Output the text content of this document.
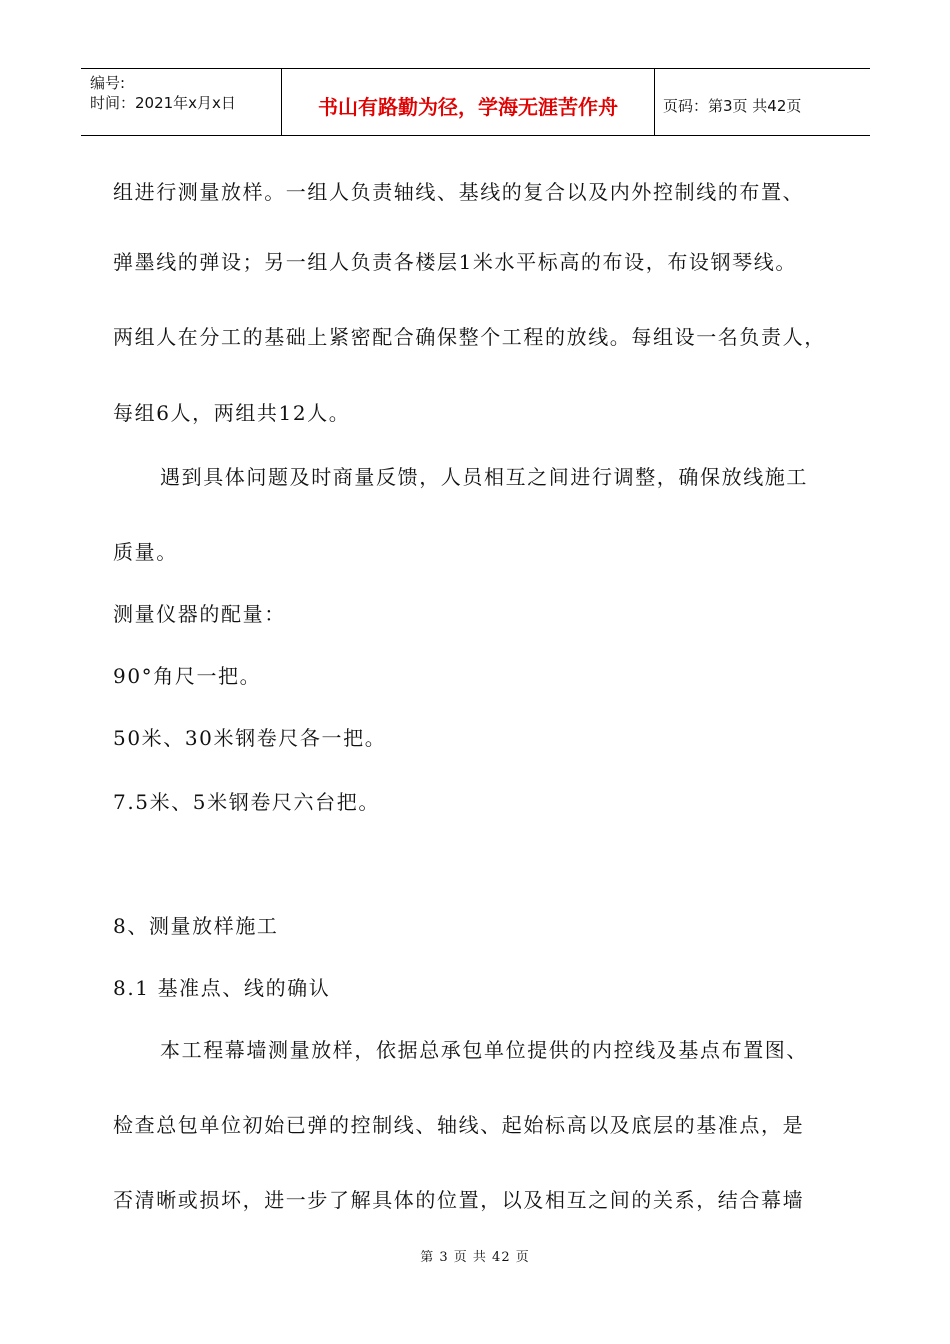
编号:
时间：2021年x月x日	书山有路勤为径，学海无涯苦作舟	页码：第3页 共42页
组进行测量放样。一组人负责轴线、基线的复合以及内外控制线的布置、
弹墨线的弹设；另一组人负责各楼层1米水平标高的布设，布设钢琴线。
两组人在分工的基础上紧密配合确保整个工程的放线。每组设一名负责人，
每组6人，两组共12人。
遇到具体问题及时商量反馈，人员相互之间进行调整，确保放线施工
质量。
测量仪器的配量：
90°角尺一把。
50米、30米钢卷尺各一把。
7.5米、5米钢卷尺六台把。
8、测量放样施工
8.1 基准点、线的确认
本工程幕墙测量放样，依据总承包单位提供的内控线及基点布置图、
检查总包单位初始已弹的控制线、轴线、起始标高以及底层的基准点，是
否清晰或损坏，进一步了解具体的位置，以及相互之间的关系，结合幕墙
第 3 页 共 42 页
